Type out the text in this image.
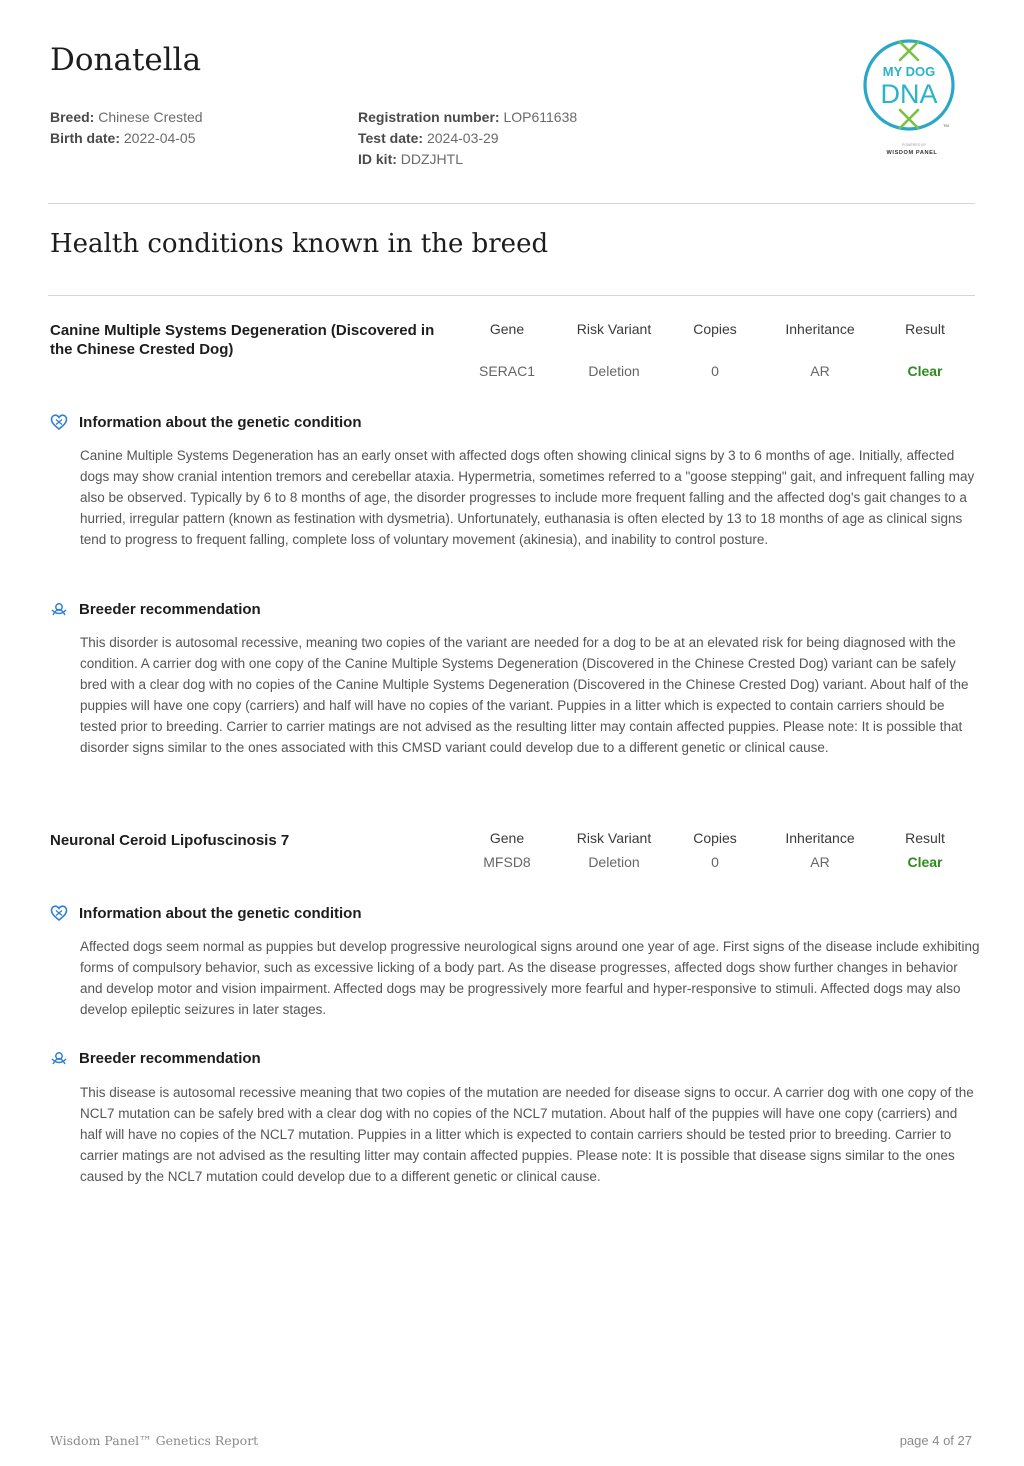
Donatella
Breed: Chinese Crested
Birth date: 2022-04-05
Registration number: LOP611638
Test date: 2024-03-29
ID kit: DDZJHTL
MY DOG
DNA
TM
POWERED BY
WISDOM PANEL
Health conditions known in the breed
Canine Multiple Systems Degeneration (Discovered in the Chinese Crested Dog)
Gene	Risk Variant	Copies	Inheritance	Result
SERAC1	Deletion	0	AR	Clear
Information about the genetic condition

Canine Multiple Systems Degeneration has an early onset with affected dogs often showing clinical signs by 3 to 6 months of age. Initially, affected dogs may show cranial intention tremors and cerebellar ataxia. Hypermetria, sometimes referred to a "goose stepping" gait, and infrequent falling may also be observed. Typically by 6 to 8 months of age, the disorder progresses to include more frequent falling and the affected dog's gait changes to a hurried, irregular pattern (known as festination with dysmetria). Unfortunately, euthanasia is often elected by 13 to 18 months of age as clinical signs tend to progress to frequent falling, complete loss of voluntary movement (akinesia), and inability to control posture.

Breeder recommendation

This disorder is autosomal recessive, meaning two copies of the variant are needed for a dog to be at an elevated risk for being diagnosed with the condition. A carrier dog with one copy of the Canine Multiple Systems Degeneration (Discovered in the Chinese Crested Dog) variant can be safely bred with a clear dog with no copies of the Canine Multiple Systems Degeneration (Discovered in the Chinese Crested Dog) variant. About half of the puppies will have one copy (carriers) and half will have no copies of the variant. Puppies in a litter which is expected to contain carriers should be tested prior to breeding. Carrier to carrier matings are not advised as the resulting litter may contain affected puppies. Please note: It is possible that disorder signs similar to the ones associated with this CMSD variant could develop due to a different genetic or clinical cause.

Neuronal Ceroid Lipofuscinosis 7	Gene	Risk Variant	Copies	Inheritance	Result
MFSD8	Deletion	0	AR	Clear
Information about the genetic condition

Affected dogs seem normal as puppies but develop progressive neurological signs around one year of age. First signs of the disease include exhibiting forms of compulsory behavior, such as excessive licking of a body part. As the disease progresses, affected dogs show further changes in behavior and develop motor and vision impairment. Affected dogs may be progressively more fearful and hyper-responsive to stimuli. Affected dogs may also develop epileptic seizures in later stages.

Breeder recommendation

This disease is autosomal recessive meaning that two copies of the mutation are needed for disease signs to occur. A carrier dog with one copy of the NCL7 mutation can be safely bred with a clear dog with no copies of the NCL7 mutation. About half of the puppies will have one copy (carriers) and half will have no copies of the NCL7 mutation. Puppies in a litter which is expected to contain carriers should be tested prior to breeding. Carrier to carrier matings are not advised as the resulting litter may contain affected puppies. Please note: It is possible that disease signs similar to the ones caused by the NCL7 mutation could develop due to a different genetic or clinical cause.

Wisdom Panel™ Genetics Report	page 4 of 27
